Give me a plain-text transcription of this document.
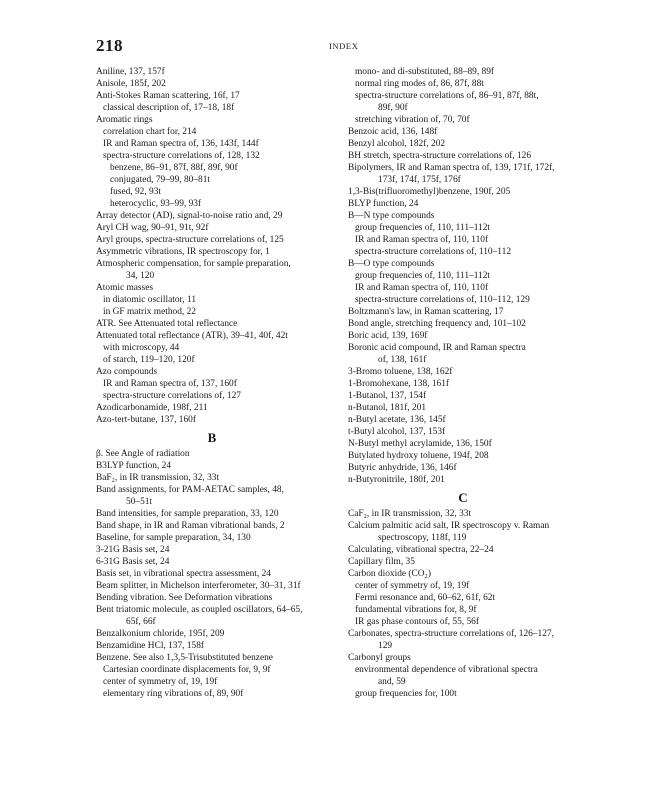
218	INDEX
Aniline, 137, 157f
Anisole, 185f, 202
Anti-Stokes Raman scattering, 16f, 17
classical description of, 17–18, 18f
Aromatic rings
correlation chart for, 214
IR and Raman spectra of, 136, 143f, 144f
spectra-structure correlations of, 128, 132
benzene, 86–91, 87f, 88f, 89f, 90f
conjugated, 79–99, 80–81t
fused, 92, 93t
heterocyclic, 93–99, 93f
Array detector (AD), signal-to-noise ratio and, 29
Aryl CH wag, 90–91, 91t, 92f
Aryl groups, spectra-structure correlations of, 125
Asymmetric vibrations, IR spectroscopy for, 1
Atmospheric compensation, for sample preparation,
34, 120
Atomic masses
in diatomic oscillator, 11
in GF matrix method, 22
ATR. See Attenuated total reflectance
Attenuated total reflectance (ATR), 39–41, 40f, 42t
with microscopy, 44
of starch, 119–120, 120f
Azo compounds
IR and Raman spectra of, 137, 160f
spectra-structure correlations of, 127
Azodicarbonamide, 198f, 211
Azo-tert-butane, 137, 160f
B
β. See Angle of radiation
B3LYP function, 24
BaF₂, in IR transmission, 32, 33t
Band assignments, for PAM-AETAC samples, 48,
50–51t
Band intensities, for sample preparation, 33, 120
Band shape, in IR and Raman vibrational bands, 2
Baseline, for sample preparation, 34, 130
3-21G Basis set, 24
6-31G Basis set, 24
Basis set, in vibrational spectra assessment, 24
Beam splitter, in Michelson interferometer, 30–31, 31f
Bending vibration. See Deformation vibrations
Bent triatomic molecule, as coupled oscillators, 64–65,
65f, 66f
Benzalkonium chloride, 195f, 209
Benzamidine HCl, 137, 158f
Benzene. See also 1,3,5-Trisubstituted benzene
Cartesian coordinate displacements for, 9, 9f
center of symmetry of, 19, 19f
elementary ring vibrations of, 89, 90f
mono- and di-substituted, 88–89, 89f
normal ring modes of, 86, 87f, 88t
spectra-structure correlations of, 86–91, 87f, 88t,
89f, 90f
stretching vibration of, 70, 70f
Benzoic acid, 136, 148f
Benzyl alcohol, 182f, 202
BH stretch, spectra-structure correlations of, 126
Bipolymers, IR and Raman spectra of, 139, 171f, 172f,
173f, 174f, 175f, 176f
1,3-Bis(trifluoromethyl)benzene, 190f, 205
BLYP function, 24
B—N type compounds
group frequencies of, 110, 111–112t
IR and Raman spectra of, 110, 110f
spectra-structure correlations of, 110–112
B—O type compounds
group frequencies of, 110, 111–112t
IR and Raman spectra of, 110, 110f
spectra-structure correlations of, 110–112, 129
Boltzmann's law, in Raman scattering, 17
Bond angle, stretching frequency and, 101–102
Boric acid, 139, 169f
Boronic acid compound, IR and Raman spectra
of, 138, 161f
3-Bromo toluene, 138, 162f
1-Bromohexane, 138, 161f
1-Butanol, 137, 154f
n-Butanol, 181f, 201
n-Butyl acetate, 136, 145f
t-Butyl alcohol, 137, 153f
N-Butyl methyl acrylamide, 136, 150f
Butylated hydroxy toluene, 194f, 208
Butyric anhydride, 136, 146f
n-Butyronitrile, 180f, 201
C
CaF₂, in IR transmission, 32, 33t
Calcium palmitic acid salt, IR spectroscopy v. Raman
spectroscopy, 118f, 119
Calculating, vibrational spectra, 22–24
Capillary film, 35
Carbon dioxide (CO₂)
center of symmetry of, 19, 19f
Fermi resonance and, 60–62, 61f, 62t
fundamental vibrations for, 8, 9f
IR gas phase contours of, 55, 56f
Carbonates, spectra-structure correlations of, 126–127,
129
Carbonyl groups
environmental dependence of vibrational spectra
and, 59
group frequencies for, 100t
